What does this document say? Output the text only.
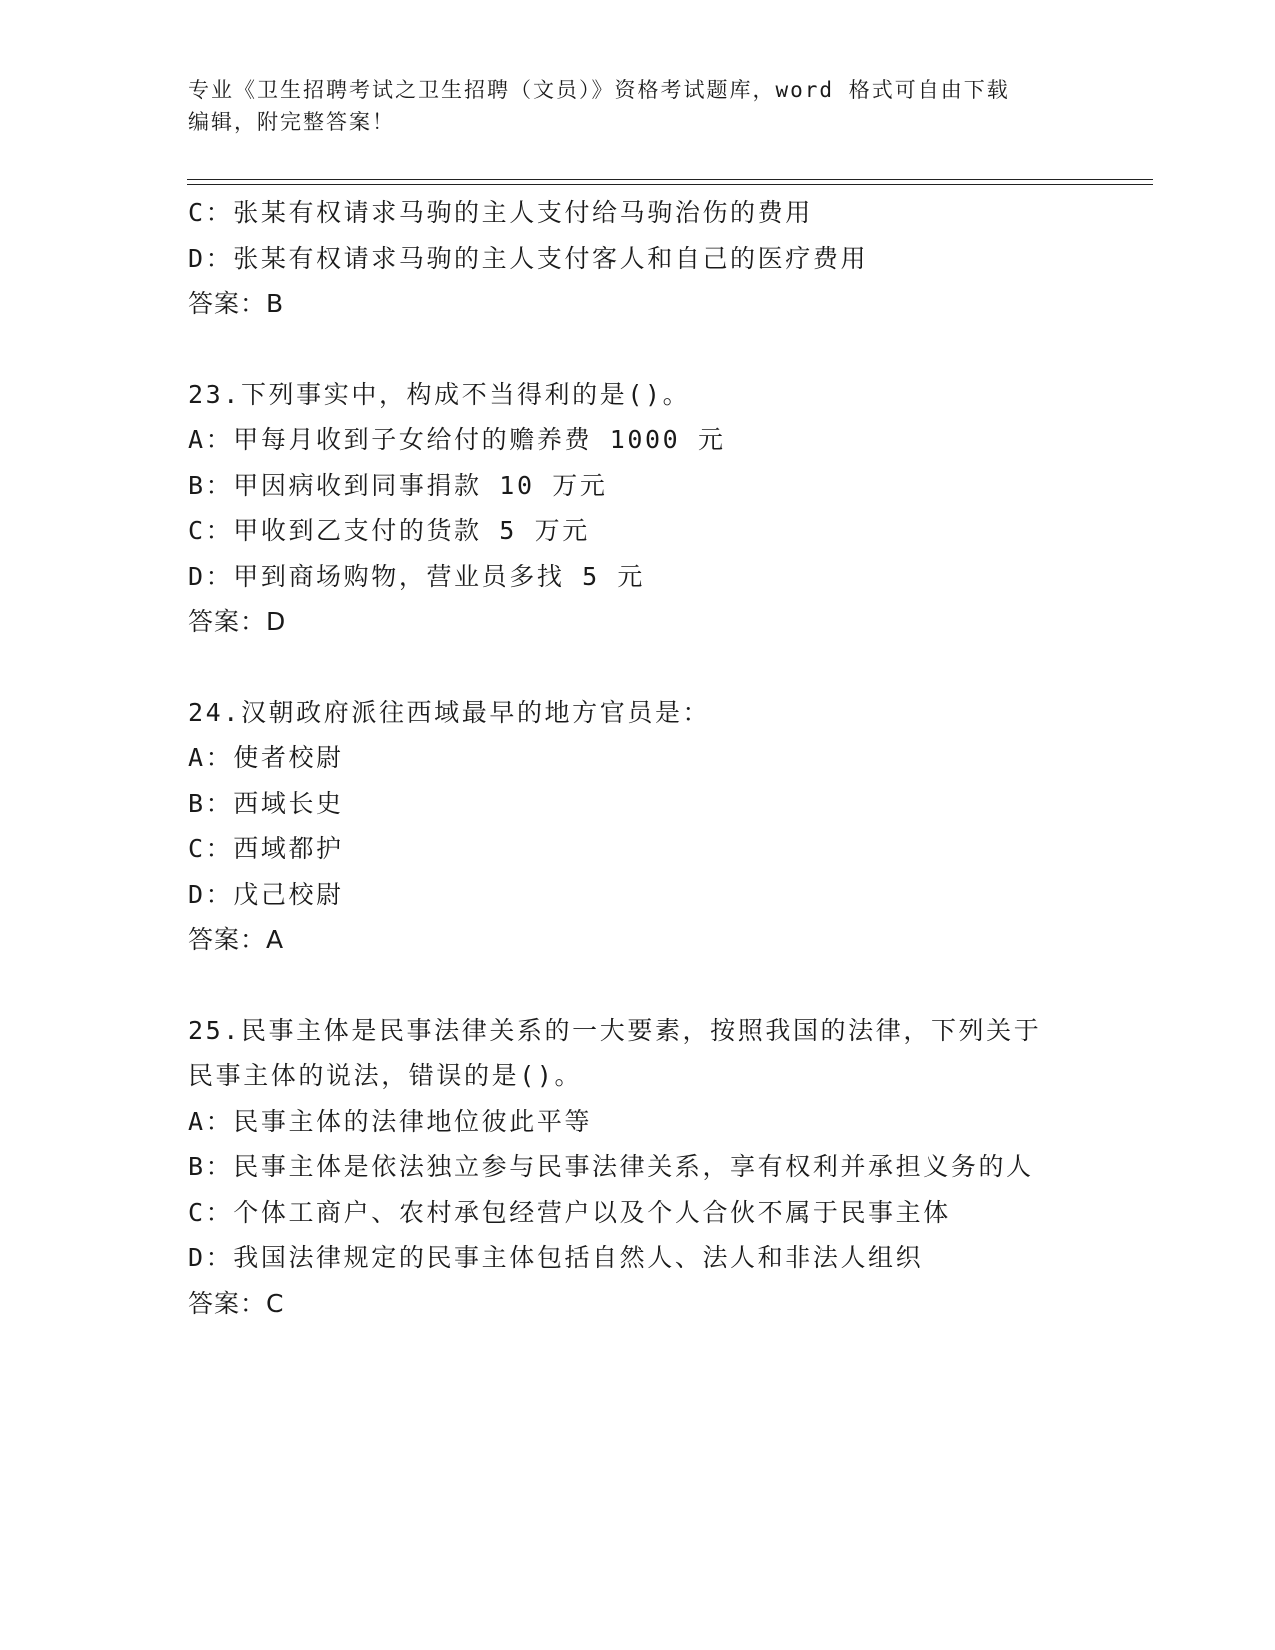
专业《卫生招聘考试之卫生招聘（文员）》资格考试题库，word 格式可自由下载
编辑，附完整答案！
C：张某有权请求马驹的主人支付给马驹治伤的费用
D：张某有权请求马驹的主人支付客人和自己的医疗费用
答案：B
23.下列事实中，构成不当得利的是()。
A：甲每月收到子女给付的赡养费 1000 元
B：甲因病收到同事捐款 10 万元
C：甲收到乙支付的货款 5 万元
D：甲到商场购物，营业员多找 5 元
答案：D
24.汉朝政府派往西域最早的地方官员是：
A：使者校尉
B：西域长史
C：西域都护
D：戊己校尉
答案：A
25.民事主体是民事法律关系的一大要素，按照我国的法律，下列关于
民事主体的说法，错误的是()。
A：民事主体的法律地位彼此平等
B：民事主体是依法独立参与民事法律关系，享有权利并承担义务的人
C：个体工商户、农村承包经营户以及个人合伙不属于民事主体
D：我国法律规定的民事主体包括自然人、法人和非法人组织
答案：C
